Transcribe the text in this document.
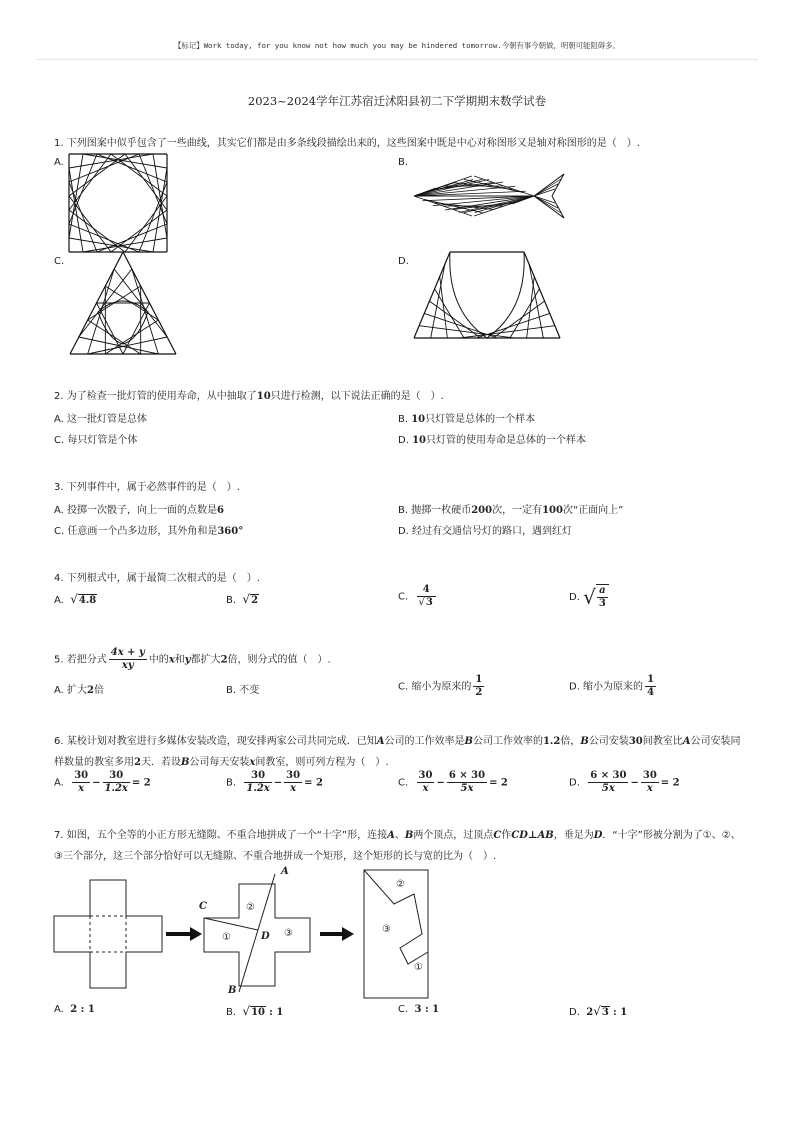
【标记】Work today, for you know not how much you may be hindered tomorrow.今朝有事今朝做，明朝可能阻碍多。
2023~2024学年江苏宿迁沭阳县初二下学期期末数学试卷
1. 下列图案中似乎包含了一些曲线，其实它们都是由多条线段描绘出来的，这些图案中既是中心对称图形又是轴对称图形的是（　）.
A.	B.
C.	D.
2. 为了检查一批灯管的使用寿命，从中抽取了10只进行检测，以下说法正确的是（　）.
A. 这一批灯管是总体	B. 10只灯管是总体的一个样本
C. 每只灯管是个体	D. 10只灯管的使用寿命是总体的一个样本
3. 下列事件中，属于必然事件的是（　）.
A. 投掷一次骰子，向上一面的点数是6	B. 抛掷一枚硬币200次，一定有100次“正面向上”
C. 任意画一个凸多边形，其外角和是360°	D. 经过有交通信号灯的路口，遇到红灯
4. 下列根式中，属于最简二次根式的是（　）.
A. √4.8	B. √2	C. $\frac{4}{√3}$	D. √ $\frac{a}{3}$
5. 若把分式 $\frac{4x + y}{xy}$ 中的x和y都扩大2倍，则分式的值（　）.
A. 扩大2倍	B. 不变	C. 缩小为原来的 $\frac{1}{2}$	D. 缩小为原来的 $\frac{1}{4}$
6. 某校计划对教室进行多媒体安装改造，现安排两家公司共同完成．已知A公司的工作效率是B公司工作效率的1.2倍，B公司安装30间教室比A公司安装同样数量的教室多用2天．若设B公司每天安装x间教室，则可列方程为（　）.
A. $\frac{30}{x} - \frac{30}{1.2x} = 2$	B. $\frac{30}{1.2x} - \frac{30}{x} = 2$	C. $\frac{30}{x} - \frac{6 \times 30}{5x} = 2$	D. $\frac{6 \times 30}{5x} - \frac{30}{x} = 2$
7. 如图，五个全等的小正方形无缝隙、不重合地拼成了一个“十字”形，连接A、B两个顶点，过顶点C作CD⊥AB，垂足为D．“十字”形被分割为了①、②、③三个部分，这三个部分恰好可以无缝隙、不重合地拼成一个矩形，这个矩形的长与宽的比为（　）.
A
C
D
B
①
②
③
②
③
①
A. 2 : 1	B. √10 : 1	C. 3 : 1	D. 2√3 : 1
